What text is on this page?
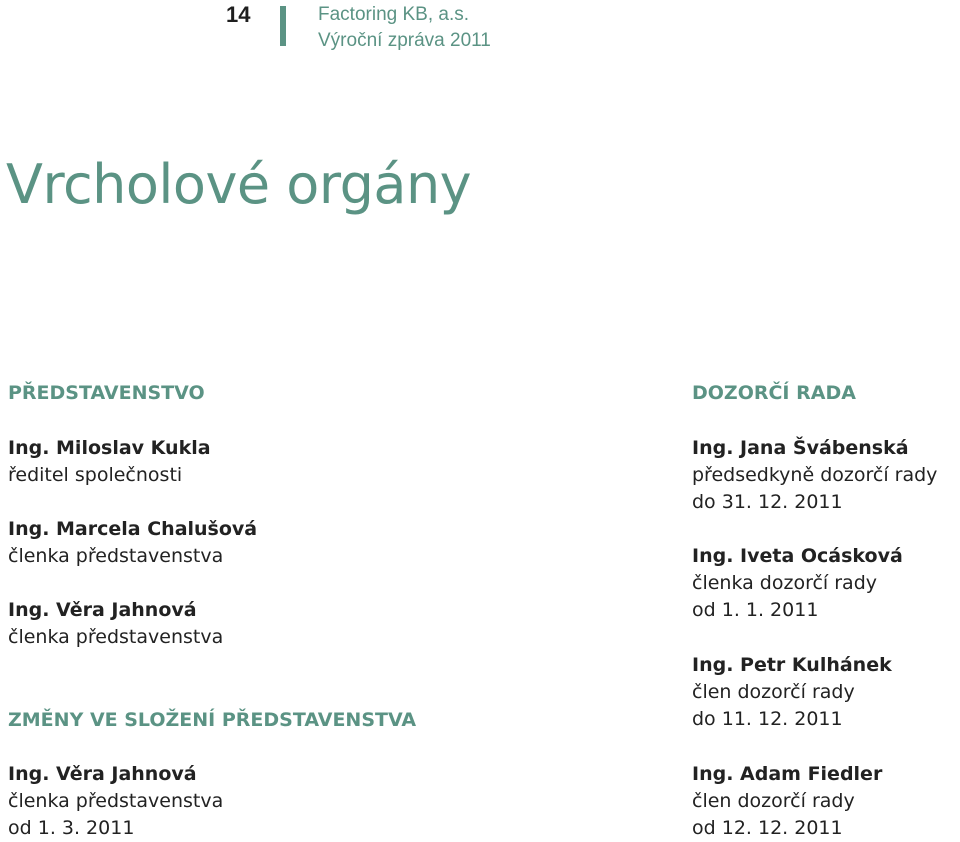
14	Factoring KB, a.s.
Výroční zpráva 2011
Vrcholové orgány
PŘEDSTAVENSTVO
Ing. Miloslav Kukla
ředitel společnosti
Ing. Marcela Chalušová
členka představenstva
Ing. Věra Jahnová
členka představenstva
ZMĚNY VE SLOŽENÍ PŘEDSTAVENSTVA
Ing. Věra Jahnová
členka představenstva
od 1. 3. 2011
DOZORČÍ RADA
Ing. Jana Švábenská
předsedkyně dozorčí rady
do 31. 12. 2011
Ing. Iveta Ocásková
členka dozorčí rady
od 1. 1. 2011
Ing. Petr Kulhánek
člen dozorčí rady
do 11. 12. 2011
Ing. Adam Fiedler
člen dozorčí rady
od 12. 12. 2011
